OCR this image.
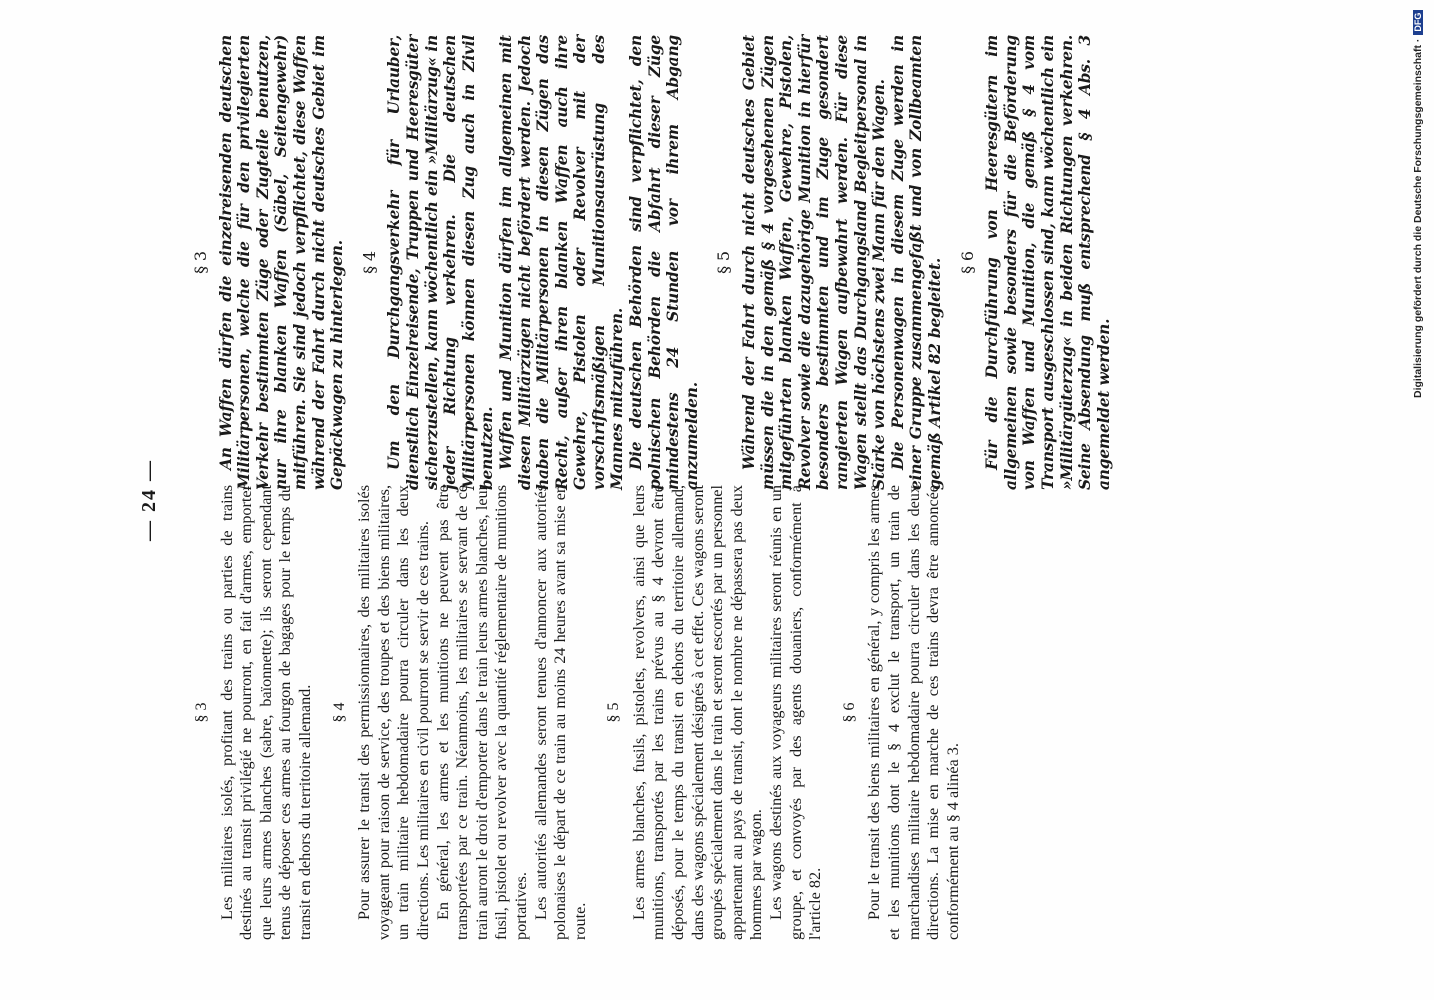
— 24 —
§ 3 Les militaires isolés, profitant des trains ou parties de trains destinés au transit privilégié ne pourront, en fait d'armes, emporter que leurs armes blanches (sabre, baïonnette); ils seront cependant tenus de déposer ces armes au fourgon de bagages pour le temps du transit en dehors du territoire allemand. § 4 Pour assurer le transit des permissionnaires, des militaires isolés voyageant pour raison de service, des troupes et des biens militaires, un train militaire hebdomadaire pourra circuler dans les deux directions. Les militaires en civil pourront se servir de ces trains. En général, les armes et les munitions ne peuvent pas être transportées par ce train. Néanmoins, les militaires se servant de ce train auront le droit d'emporter dans le train leurs armes blanches, leur fusil, pistolet ou revolver avec la quantité réglementaire de munitions portatives. Les autorités allemandes seront tenues d'annoncer aux autorités polonaises le départ de ce train au moins 24 heures avant sa mise en route.

§ 5 Les armes blanches, fusils, pistolets, revolvers, ainsi que leurs munitions, transportés par les trains prévus au § 4 devront être déposés, pour le temps du transit en dehors du territoire allemand, dans des wagons spécialement désignés à cet effet. Ces wagons seront groupés spécialement dans le train et seront escortés par un personnel appartenant au pays de transit, dont le nombre ne dépassera pas deux hommes par wagon. Les wagons destinés aux voyageurs militaires seront réunis en un groupe, et convoyés par des agents douaniers, conformément à l'article 82.

§ 6 Pour le transit des biens militaires en général, y compris les armes et les munitions dont le § 4 exclut le transport, un train de marchandises militaire hebdomadaire pourra circuler dans les deux directions. La mise en marche de ces trains devra être annoncée conformément au § 4 alinéa 3.

§ 3 An Waffen dürfen die einzelreisenden deutschen Militärpersonen, welche die für den privilegierten Verkehr bestimmten Züge oder Zugteile benutzen, nur ihre blanken Waffen (Säbel, Seitengewehr) mitführen. Sie sind jedoch verpflichtet, diese Waffen während der Fahrt durch nicht deutsches Gebiet im Gepäckwagen zu hinterlegen. § 4 Um den Durchgangsverkehr für Urlauber, dienstlich Einzelreisende, Truppen und Heeresgüter sicherzustellen, kann wöchentlich ein »Militärzug« in jeder Richtung verkehren. Die deutschen Militärpersonen können diesen Zug auch in Zivil benutzen. Waffen und Munition dürfen im allgemeinen mit diesen Militärzügen nicht befördert werden. Jedoch haben die Militärpersonen in diesen Zügen das Recht, außer ihren blanken Waffen auch ihre Gewehre, Pistolen oder Revolver mit der vorschriftsmäßigen Munitionsausrüstung des Mannes mitzuführen. Die deutschen Behörden sind verpflichtet, den polnischen Behörden die Abfahrt dieser Züge mindestens 24 Stunden vor ihrem Abgang anzumelden.

§ 5 Während der Fahrt durch nicht deutsches Gebiet müssen die in den gemäß § 4 vorgesehenen Zügen mitgeführten blanken Waffen, Gewehre, Pistolen, Revolver sowie die dazugehörige Munition in hierfür besonders bestimmten und im Zuge gesondert rangierten Wagen aufbewahrt werden. Für diese Wagen stellt das Durchgangsland Begleitpersonal in Stärke von höchstens zwei Mann für den Wagen. Die Personenwagen in diesem Zuge werden in einer Gruppe zusammengefaßt und von Zollbeamten gemäß Artikel 82 begleitet. § 6 Für die Durchführung von Heeresgütern im allgemeinen sowie besonders für die Beförderung von Waffen und Munition, die gemäß § 4 vom Transport ausgeschlossen sind, kann wöchentlich ein »Militärgüterzug« in beiden Richtungen verkehren. Seine Absendung muß entsprechend § 4 Abs. 3 angemeldet werden.

Digitalisierung gefördert durch die Deutsche Forschungsgemeinschaft ·DFG
